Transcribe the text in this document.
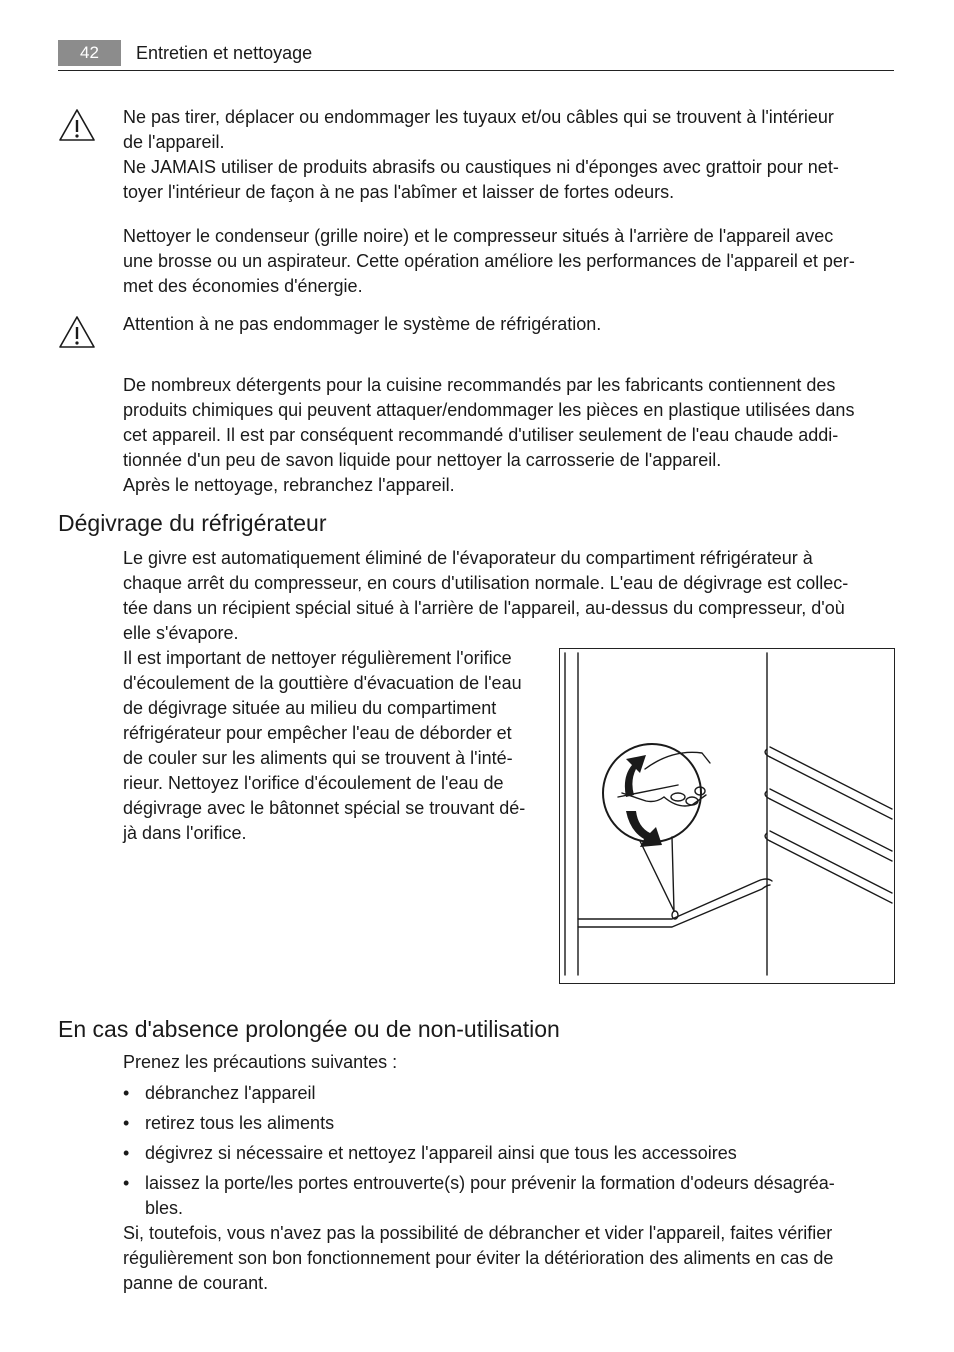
42	Entretien et nettoyage

Ne pas tirer, déplacer ou endommager les tuyaux et/ou câbles qui se trouvent à l'intérieur

de l'appareil.

Ne JAMAIS utiliser de produits abrasifs ou caustiques ni d'éponges avec grattoir pour net-

toyer l'intérieur de façon à ne pas l'abîmer et laisser de fortes odeurs.

Nettoyer le condenseur (grille noire) et le compresseur situés à l'arrière de l'appareil avec

une brosse ou un aspirateur. Cette opération améliore les performances de l'appareil et per-

met des économies d'énergie.

Attention à ne pas endommager le système de réfrigération.

De nombreux détergents pour la cuisine recommandés par les fabricants contiennent des

produits chimiques qui peuvent attaquer/endommager les pièces en plastique utilisées dans

cet appareil. Il est par conséquent recommandé d'utiliser seulement de l'eau chaude addi-

tionnée d'un peu de savon liquide pour nettoyer la carrosserie de l'appareil.

Après le nettoyage, rebranchez l'appareil.

Dégivrage du réfrigérateur

Le givre est automatiquement éliminé de l'évaporateur du compartiment réfrigérateur à

chaque arrêt du compresseur, en cours d'utilisation normale. L'eau de dégivrage est collec-

tée dans un récipient spécial situé à l'arrière de l'appareil, au-dessus du compresseur, d'où

elle s'évapore.

Il est important de nettoyer régulièrement l'orifice

d'écoulement de la gouttière d'évacuation de l'eau

de dégivrage située au milieu du compartiment

réfrigérateur pour empêcher l'eau de déborder et

de couler sur les aliments qui se trouvent à l'inté-

rieur. Nettoyez l'orifice d'écoulement de l'eau de

dégivrage avec le bâtonnet spécial se trouvant dé-

jà dans l'orifice.

En cas d'absence prolongée ou de non-utilisation

Prenez les précautions suivantes :

• débranchez l'appareil
• retirez tous les aliments
• dégivrez si nécessaire et nettoyez l'appareil ainsi que tous les accessoires
• laissez la porte/les portes entrouverte(s) pour prévenir la formation d'odeurs désagréa-
bles.

Si, toutefois, vous n'avez pas la possibilité de débrancher et vider l'appareil, faites vérifier

régulièrement son bon fonctionnement pour éviter la détérioration des aliments en cas de

panne de courant.
